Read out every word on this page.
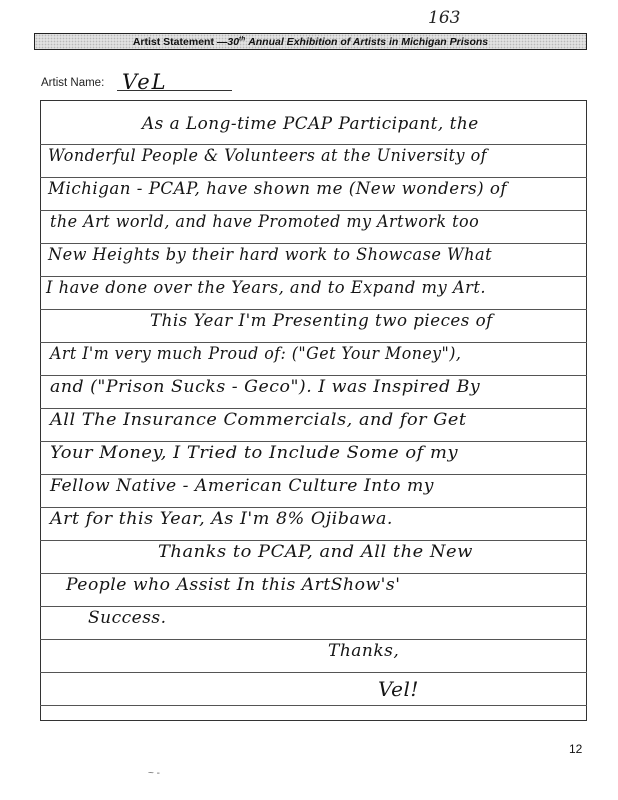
163
Artist Statement — 30th Annual Exhibition of Artists in Michigan Prisons
Artist Name: VeL
As a Long-time PCAP Participant, the
Wonderful People & Volunteers at the University of
Michigan - PCAP, have shown me (New wonders) of
the Art world, and have Promoted my Artwork too
New Heights by their hard work to Showcase What
I have done over the Years, and to Expand my Art.
This Year I'm Presenting two pieces of
Art I'm very much Proud of: ("Get Your Money"),
and ("Prison Sucks - Geco"). I was Inspired By
All The Insurance Commercials, and for Get
Your Money, I Tried to Include Some of my
Fellow Native - American Culture Into my
Art for this Year, As I'm 8% Ojibawa.
Thanks to PCAP, and All the New
People who Assist In this ArtShow's'
Success.
Thanks,
Vel!
12
~ -
